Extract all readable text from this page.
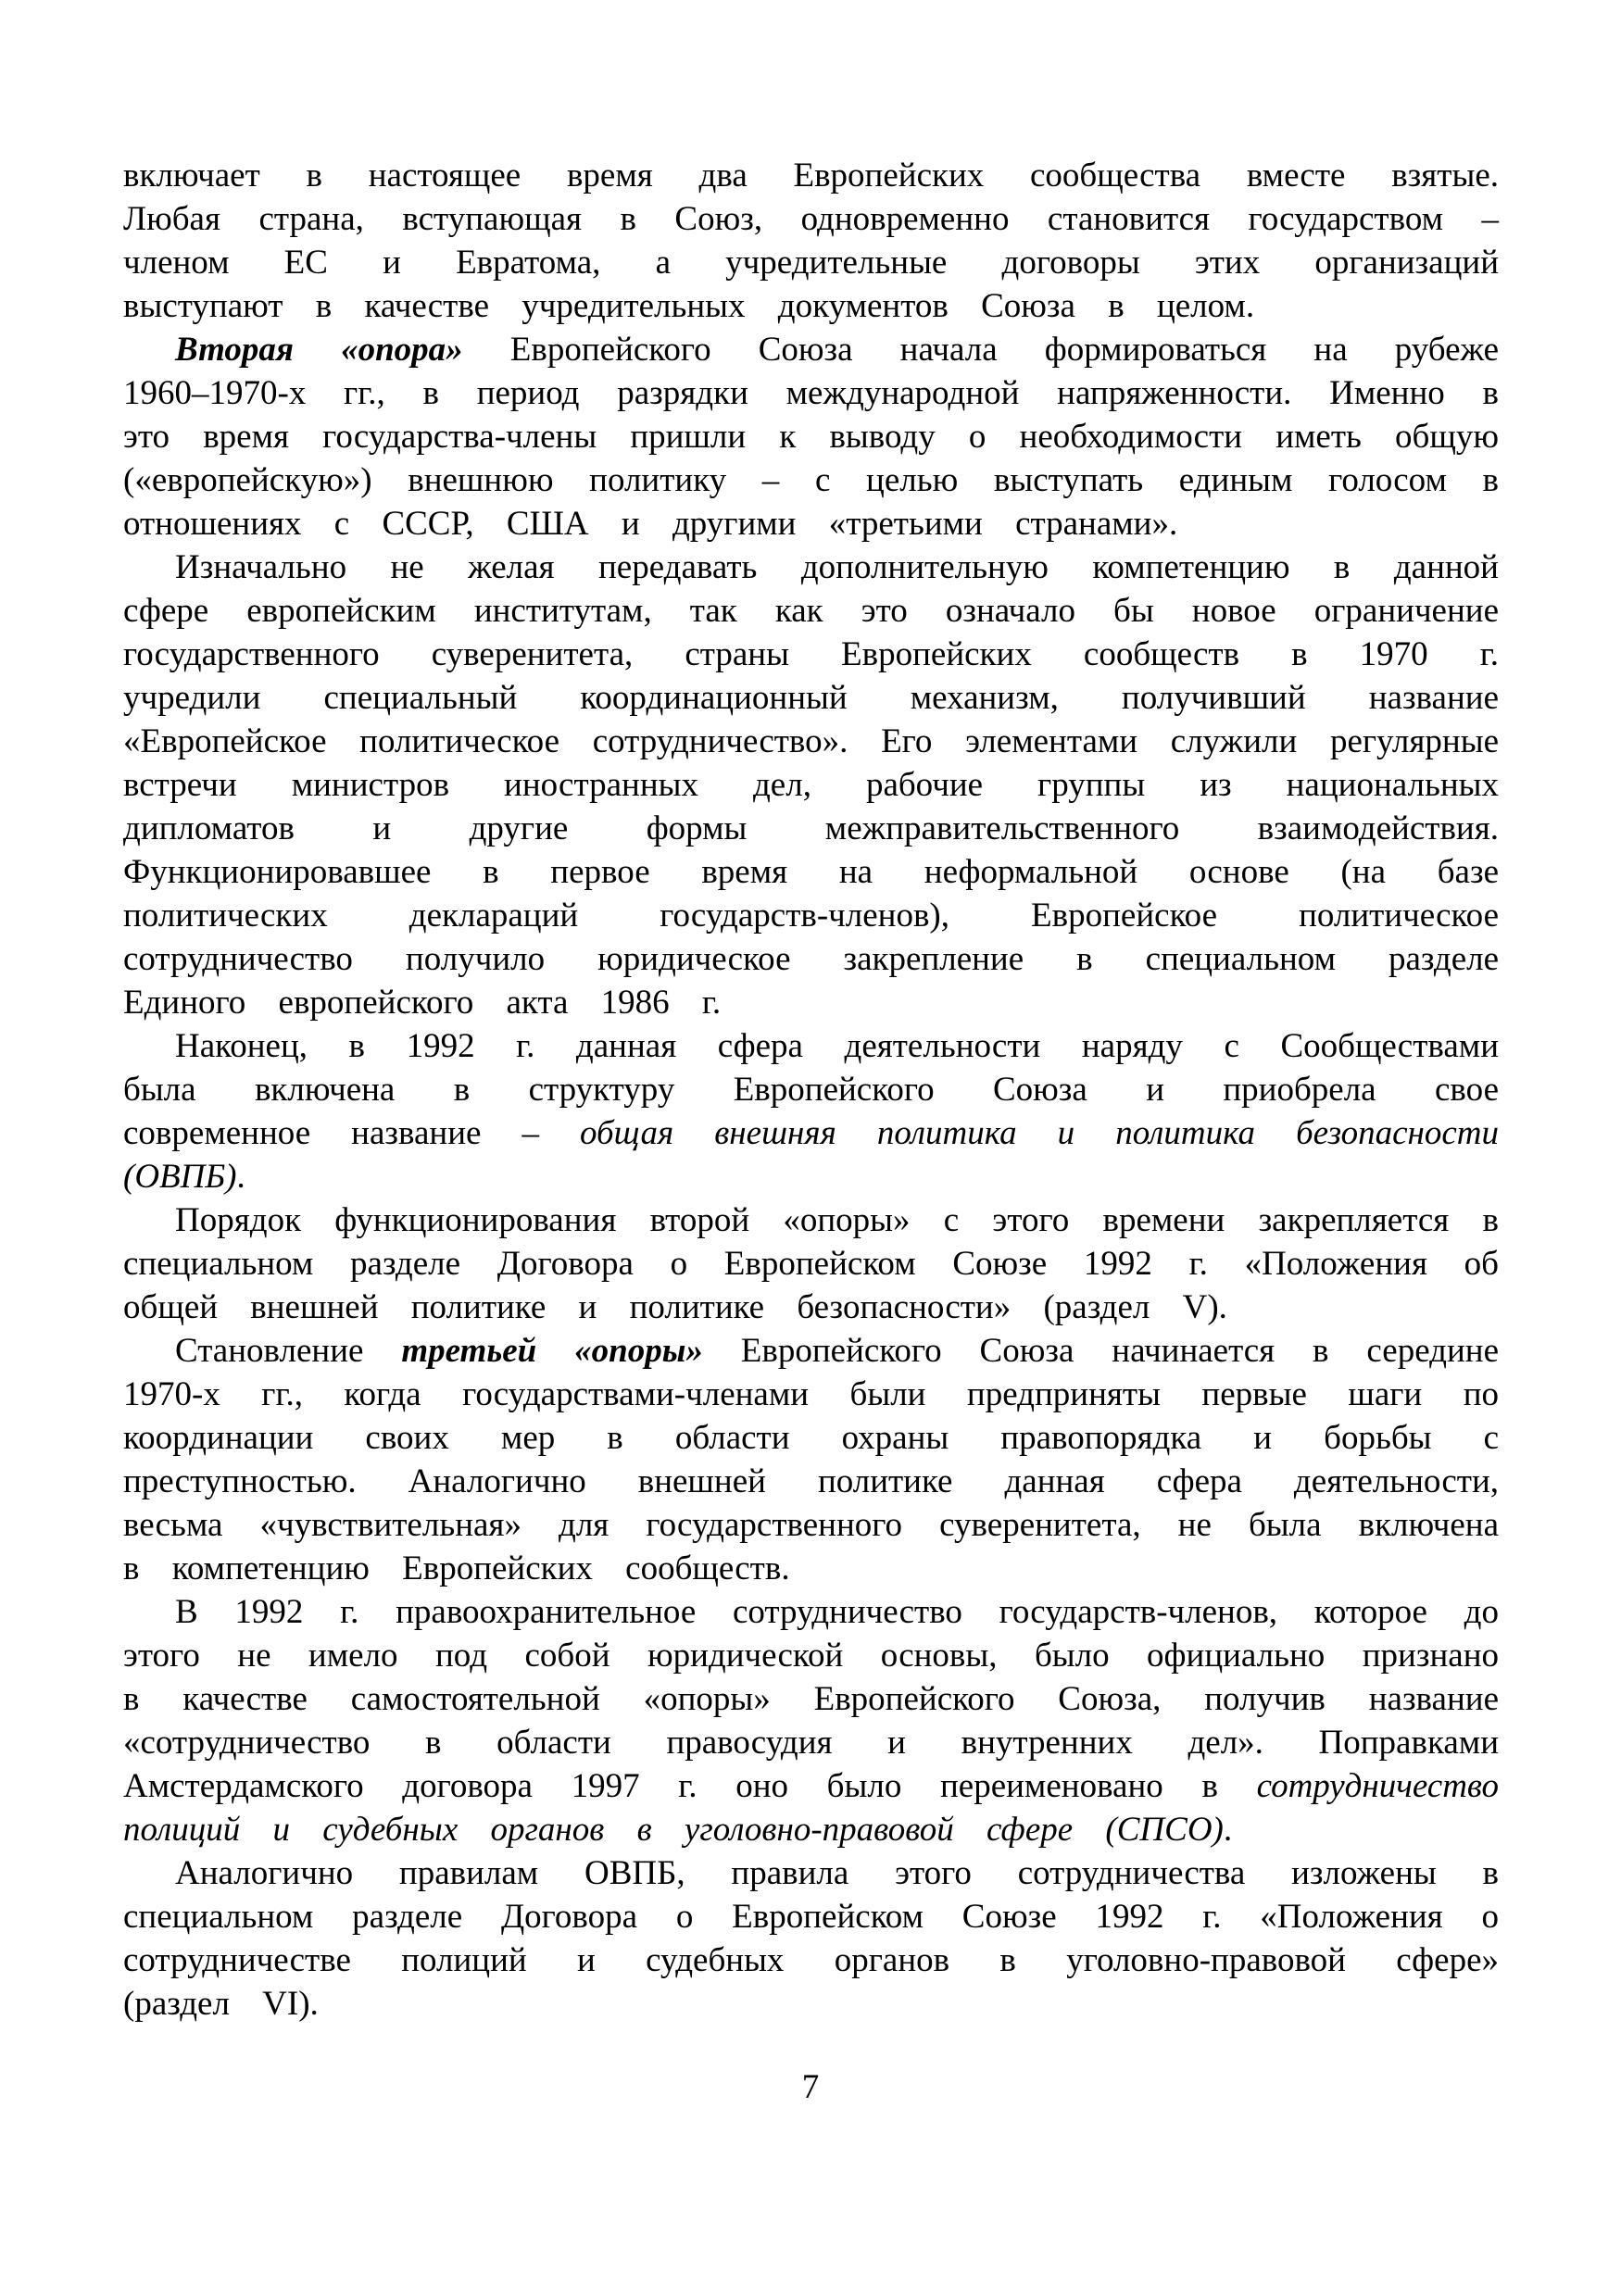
включает в настоящее время два Европейских сообщества вместе взятые. Любая страна, вступающая в Союз, одновременно становится государством – членом ЕС и Евратома, а учредительные договоры этих организаций выступают в качестве учредительных документов Союза в целом.

Вторая «опора» Европейского Союза начала формироваться на рубеже 1960–1970-х гг., в период разрядки международной напряженности. Именно в это время государства-члены пришли к выводу о необходимости иметь общую («европейскую») внешнюю политику – с целью выступать единым голосом в отношениях с СССР, США и другими «третьими странами».

Изначально не желая передавать дополнительную компетенцию в данной сфере европейским институтам, так как это означало бы новое ограничение государственного суверенитета, страны Европейских сообществ в 1970 г. учредили специальный координационный механизм, получивший название «Европейское политическое сотрудничество». Его элементами служили регулярные встречи министров иностранных дел, рабочие группы из национальных дипломатов и другие формы межправительственного взаимодействия. Функционировавшее в первое время на неформальной основе (на базе политических деклараций государств-членов), Европейское политическое сотрудничество получило юридическое закрепление в специальном разделе Единого европейского акта 1986 г.

Наконец, в 1992 г. данная сфера деятельности наряду с Сообществами была включена в структуру Европейского Союза и приобрела свое современное название – общая внешняя политика и политика безопасности (ОВПБ).

Порядок функционирования второй «опоры» с этого времени закрепляется в специальном разделе Договора о Европейском Союзе 1992 г. «Положения об общей внешней политике и политике безопасности» (раздел V).

Становление третьей «опоры» Европейского Союза начинается в середине 1970-х гг., когда государствами-членами были предприняты первые шаги по координации своих мер в области охраны правопорядка и борьбы с преступностью. Аналогично внешней политике данная сфера деятельности, весьма «чувствительная» для государственного суверенитета, не была включена в компетенцию Европейских сообществ.

В 1992 г. правоохранительное сотрудничество государств-членов, которое до этого не имело под собой юридической основы, было официально признано в качестве самостоятельной «опоры» Европейского Союза, получив название «сотрудничество в области правосудия и внутренних дел». Поправками Амстердамского договора 1997 г. оно было переименовано в сотрудничество полиций и судебных органов в уголовно-правовой сфере (СПСО).

Аналогично правилам ОВПБ, правила этого сотрудничества изложены в специальном разделе Договора о Европейском Союзе 1992 г. «Положения о сотрудничестве полиций и судебных органов в уголовно-правовой сфере» (раздел VI).

7
